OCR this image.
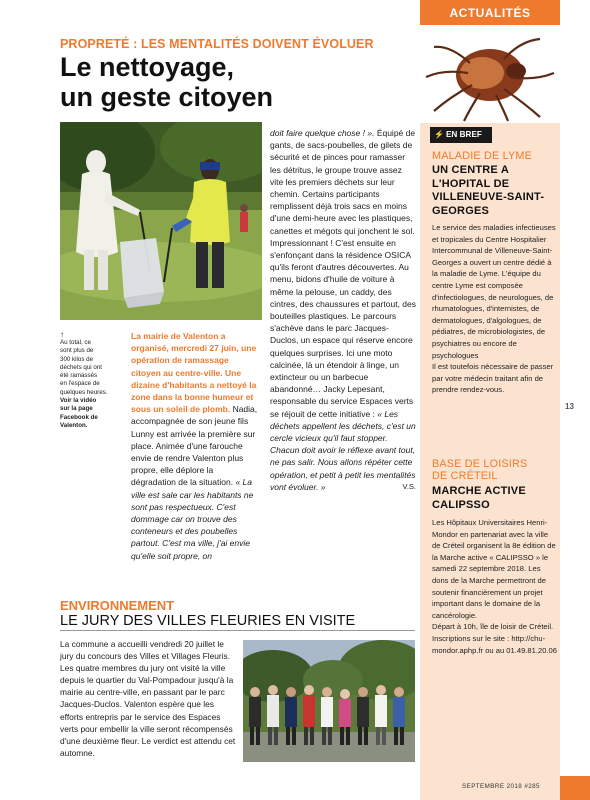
PROPRETÉ : LES MENTALITÉS DOIVENT ÉVOLUER
Le nettoyage,
un geste citoyen
↑
Au total, ce
sont plus de
300 kilos de
déchets qui ont
été ramassés
en l'espace de
quelques heures.
Voir la vidéo
sur la page
Facebook de
Valenton.
La mairie de Valenton a organisé, mercredi 27 juin, une opération de ramassage citoyen au centre-ville. Une dizaine d'habitants a nettoyé la zone dans la bonne humeur et sous un soleil de plomb. Nadia, accompagnée de son jeune fils Lunny est arrivée la première sur place. Animée d'une farouche envie de rendre Valenton plus propre, elle déplore la dégradation de la situation. « La ville est sale car les habitants ne sont pas respectueux. C'est dommage car on trouve des conteneurs et des poubelles partout. C'est ma ville, j'ai envie qu'elle soit propre, on
doit faire quelque chose ! ». Équipé de gants, de sacs-poubelles, de gilets de sécurité et de pinces pour ramasser les détritus, le groupe trouve assez vite les premiers déchets sur leur chemin. Certains participants remplissent déjà trois sacs en moins d'une demi-heure avec les plastiques, canettes et mégots qui jonchent le sol. Impressionnant ! C'est ensuite en s'enfonçant dans la résidence OSICA qu'ils feront d'autres découvertes. Au menu, bidons d'huile de voiture à même la pelouse, un caddy, des cintres, des chaussures et partout, des bouteilles plastiques. Le parcours s'achève dans le parc Jacques-Duclos, un espace qui réserve encore quelques surprises. Ici une moto calcinée, là un étendoir à linge, un extincteur ou un barbecue abandonné… Jacky Lepesant, responsable du service Espaces verts se réjouit de cette initiative : « Les déchets appellent les déchets, c'est un cercle vicieux qu'il faut stopper. Chacun doit avoir le réflexe avant tout, ne pas salir. Nous allons répéter cette opération, et petit à petit les mentalités vont évoluer. »	V.S.
ENVIRONNEMENT
LE JURY DES VILLES FLEURIES EN VISITE
La commune a accueilli vendredi 20 juillet le jury du concours des Villes et Villages Fleuris. Les quatre membres du jury ont visité la ville depuis le quartier du Val-Pompadour jusqu'à la mairie au centre-ville, en passant par le parc Jacques-Duclos. Valenton espère que les efforts entrepris par le service des Espaces verts pour embellir la ville seront récompensés d'une deuxième fleur. Le verdict est attendu cet automne.
ACTUALITÉS
⚡ EN BREF
MALADIE DE LYME
UN CENTRE A
L'HOPITAL DE
VILLENEUVE-SAINT-
GEORGES
Le service des maladies infectieuses et tropicales du Centre Hospitalier Intercommunal de Villeneuve-Saint-Georges a ouvert un centre dédié à la maladie de Lyme. L'équipe du centre Lyme est composée d'infectiologues, de neurologues, de rhumatologues, d'internistes, de dermatologues, d'algologues, de pédiatres, de microbiologistes, de psychiatres ou encore de psychologues
Il est toutefois nécessaire de passer par votre médecin traitant afin de prendre rendez-vous.
BASE DE LOISIRS
DE CRÉTEIL
MARCHE ACTIVE
CALIPSSO
Les Hôpitaux Universitaires Henri-Mondor en partenariat avec la ville de Créteil organisent la 8e édition de la Marche active « CALIPSSO » le samedi 22 septembre 2018. Les dons de la Marche permettront de soutenir financièrement un projet important dans le domaine de la cancérologie.
Départ à 10h, île de loisir de Créteil.
Inscriptions sur le site : http://chu-mondor.aphp.fr ou au 01.49.81.20.06
13
SEPTEMBRE 2018 #285
